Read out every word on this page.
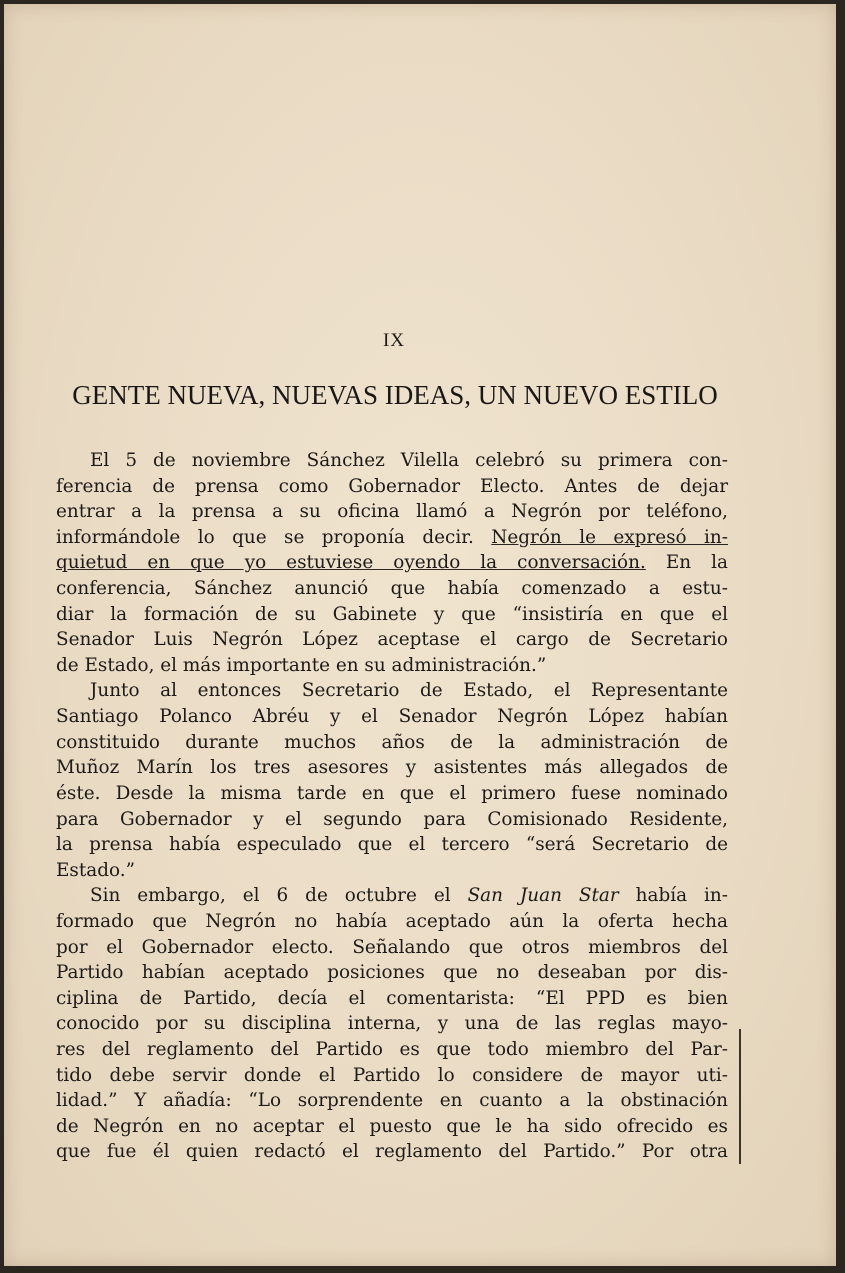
IX
GENTE NUEVA, NUEVAS IDEAS, UN NUEVO ESTILO
El 5 de noviembre Sánchez Vilella celebró su primera con-
ferencia de prensa como Gobernador Electo. Antes de dejar
entrar a la prensa a su oficina llamó a Negrón por teléfono,
informándole lo que se proponía decir. Negrón le expresó in-
quietud en que yo estuviese oyendo la conversación. En la
conferencia, Sánchez anunció que había comenzado a estu-
diar la formación de su Gabinete y que “insistiría en que el
Senador Luis Negrón López aceptase el cargo de Secretario
de Estado, el más importante en su administración.”
Junto al entonces Secretario de Estado, el Representante
Santiago Polanco Abréu y el Senador Negrón López habían
constituido durante muchos años de la administración de
Muñoz Marín los tres asesores y asistentes más allegados de
éste. Desde la misma tarde en que el primero fuese nominado
para Gobernador y el segundo para Comisionado Residente,
la prensa había especulado que el tercero “será Secretario de
Estado.”
Sin embargo, el 6 de octubre el San Juan Star había in-
formado que Negrón no había aceptado aún la oferta hecha
por el Gobernador electo. Señalando que otros miembros del
Partido habían aceptado posiciones que no deseaban por dis-
ciplina de Partido, decía el comentarista: “El PPD es bien
conocido por su disciplina interna, y una de las reglas mayo-
res del reglamento del Partido es que todo miembro del Par-
tido debe servir donde el Partido lo considere de mayor uti-
lidad.” Y añadía: “Lo sorprendente en cuanto a la obstinación
de Negrón en no aceptar el puesto que le ha sido ofrecido es
que fue él quien redactó el reglamento del Partido.” Por otra
